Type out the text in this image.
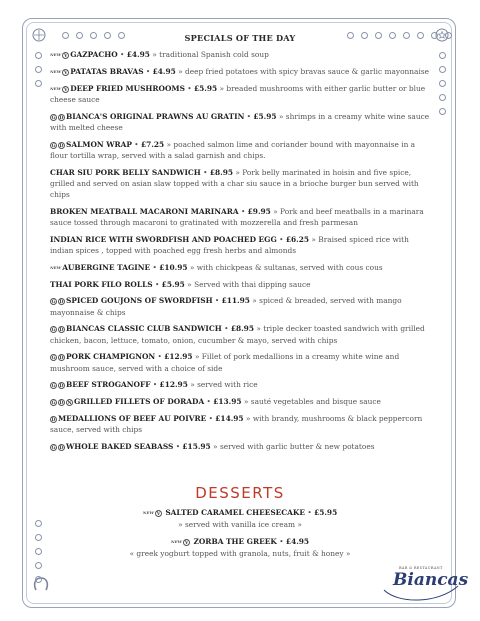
SPECIALS OF THE DAY
NEW V GAZPACHO • £4.95 » traditional Spanish cold soup
NEW V PATATAS BRAVAS • £4.95 » deep fried potatoes with spicy bravas sauce & garlic mayonnaise
NEW V DEEP FRIED MUSHROOMS • £5.95 » breaded mushrooms with either garlic butter or blue cheese sauce
G D BIANCA'S ORIGINAL PRAWNS AU GRATIN • £5.95 » shrimps in a creamy white wine sauce with melted cheese
G D SALMON WRAP • £7.25 » poached salmon lime and coriander bound with mayonnaise in a flour tortilla wrap, served with a salad garnish and chips.
CHAR SIU PORK BELLY SANDWICH • £8.95 » Pork belly marinated in hoisin and five spice, grilled and served on asian slaw topped with a char siu sauce in a brioche burger bun served with chips
BROKEN MEATBALL MACARONI MARINARA • £9.95 » Pork and beef meatballs in a marinara sauce tossed through macaroni to gratinated with mozzerella and fresh parmesan
INDIAN RICE WITH SWORDFISH AND POACHED EGG • £6.25 » Braised spiced rice with indian spices , topped with poached egg fresh herbs and almonds
NEWAUBERGINE TAGINE • £10.95 » with chickpeas & sultanas, served with cous cous
THAI PORK FILO ROLLS • £5.95 » Served with thai dipping sauce
G D SPICED GOUJONS OF SWORDFISH • £11.95 » spiced & breaded, served with mango mayonnaise & chips
G D BIANCAS CLASSIC CLUB SANDWICH • £8.95 » triple decker toasted sandwich with grilled chicken, bacon, lettuce, tomato, onion, cucumber & mayo, served with chips
G D PORK CHAMPIGNON • £12.95 » Fillet of pork medallions in a creamy white wine and mushroom sauce, served with a choice of side
G D BEEF STROGANOFF • £12.95 » served with rice
G D N GRILLED FILLETS OF DORADA • £13.95 » sauté vegetables and bisque sauce
D MEDALLIONS OF BEEF AU POIVRE • £14.95 » with brandy, mushrooms & black peppercorn sauce, served with chips
G D WHOLE BAKED SEABASS • £15.95 » served with garlic butter & new potatoes
DESSERTS
NEW V SALTED CARAMEL CHEESECAKE • £5.95
» served with vanilla ice cream »
NEW V ZORBA THE GREEK • £4.95
« greek yogburt topped with granola, nuts, fruit & honey »
BAR & RESTAURANT
Biancas
